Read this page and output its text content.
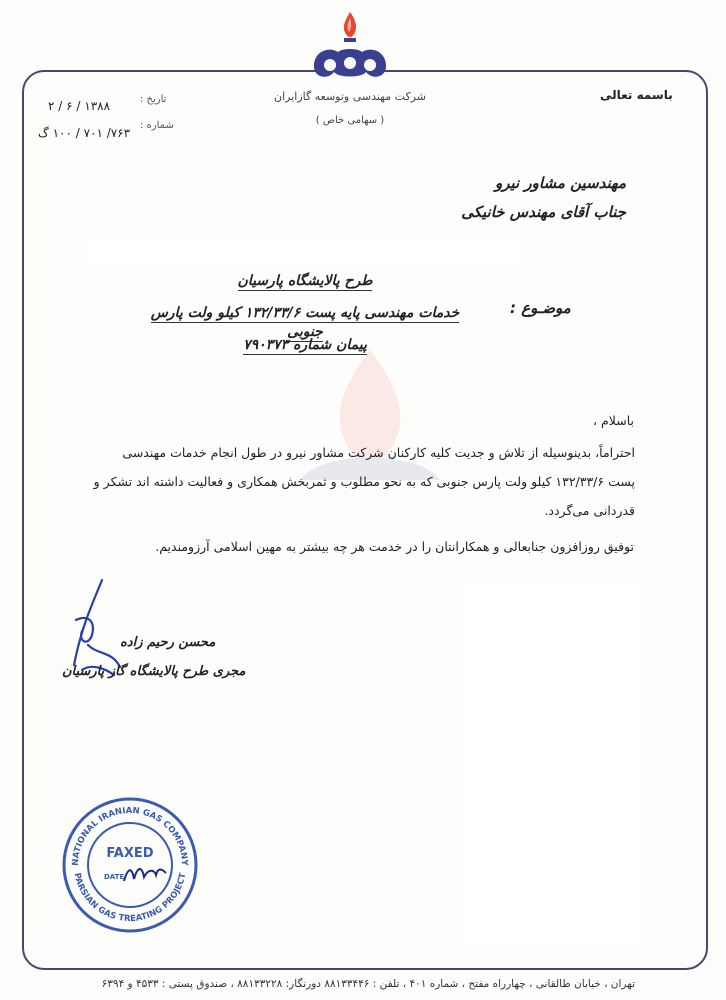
باسمه تعالی
شرکت مهندسی وتوسعه گازایران
( سهامی خاص )
تاریخ :
۱۳۸۸ / ۶ / ۲
شماره :
۷۶۳/ ۷۰۱ / ۱۰۰ گ
مهندسین مشاور نیرو
جناب آقای مهندس خانیکی
موضـوع :
طرح پالایشگاه پارسیان
خدمات مهندسی پایه پست ۱۳۲/۳۳/۶ کیلو ولت پارس جنوبی
پیمان شماره ۷۹۰۳۷۳
باسلام ،
احتراماً، بدینوسیله از تلاش و جدیت کلیه کارکنان شرکت مشاور نیرو در طول انجام خدمات مهندسی
پست ۱۳۲/۳۳/۶ کیلو ولت پارس جنوبی که به نحو مطلوب و ثمربخش همکاری و فعالیت داشته اند تشکر و
قدردانی می‌گردد.
توفیق روزافزون جنابعالی و همکارانتان را در خدمت هر چه بیشتر به مهین اسلامی آرزومندیم.
محسن رحیم زاده
مجری طرح پالایشگاه گاز پارسیان
NATIONAL IRANIAN GAS COMPANY
PARSIAN GAS TREATING PROJECT
FAXED
DATE
تهران ، خیابان طالقانی ، چهارراه مفتح ، شماره ۴۰۱ ، تلفن : ۸۸۱۳۳۴۴۶ دورنگار: ۸۸۱۳۳۲۲۸ ، صندوق پستی : ۴۵۳۳ و ۶۳۹۴
